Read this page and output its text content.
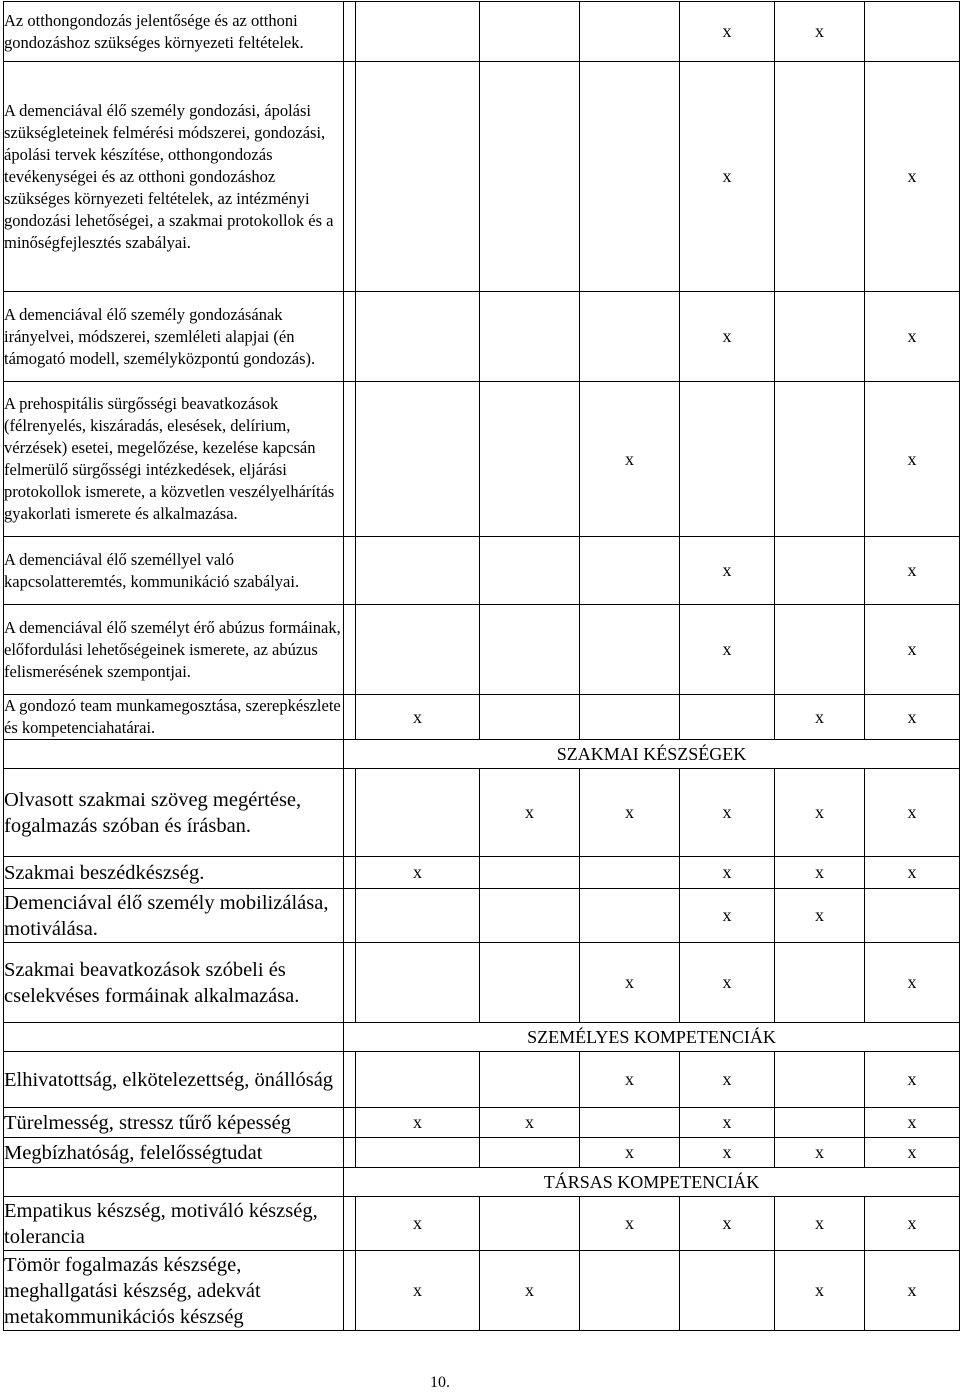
Az otthongondozás jelentősége és az otthoni gondozáshoz szükséges környezeti feltételek.					x	x	
A demenciával élő személy gondozási, ápolási szükségleteinek felmérési módszerei, gondozási, ápolási tervek készítése, otthongondozás tevékenységei és az otthoni gondozáshoz szükséges környezeti feltételek, az intézményi gondozási lehetőségei, a szakmai protokollok és a minőségfejlesztés szabályai.					x		x
A demenciával élő személy gondozásának irányelvei, módszerei, szemléleti alapjai (én támogató modell, személyközpontú gondozás).					x		x
A prehospitális sürgősségi beavatkozások (félrenyelés, kiszáradás, elesések, delírium, vérzések) esetei, megelőzése, kezelése kapcsán felmerülő sürgősségi intézkedések, eljárási protokollok ismerete, a közvetlen veszélyelhárítás gyakorlati ismerete és alkalmazása.				x			x
A demenciával élő személlyel való kapcsolatteremtés, kommunikáció szabályai.					x		x
A demenciával élő személyt érő abúzus formáinak, előfordulási lehetőségeinek ismerete, az abúzus felismerésének szempontjai.					x		x
A gondozó team munkamegosztása, szerepkészlete és kompetenciahatárai.		x				x	x
	SZAKMAI KÉSZSÉGEK						
Olvasott szakmai szöveg megértése, fogalmazás szóban és írásban.			x	x	x	x	x
Szakmai beszédkészség.		x			x	x	x
Demenciával élő személy mobilizálása, motiválása.					x	x	
Szakmai beavatkozások szóbeli és cselekvéses formáinak alkalmazása.				x	x		x
	SZEMÉLYES KOMPETENCIÁK						
Elhivatottság, elkötelezettség, önállóság				x	x		x
Türelmesség, stressz tűrő képesség		x	x		x		x
Megbízhatóság, felelősségtudat				x	x	x	x
	TÁRSAS KOMPETENCIÁK						
Empatikus készség, motiváló készség, tolerancia		x		x	x	x	x
Tömör fogalmazás készsége, meghallgatási készség, adekvát metakommunikációs készség		x	x			x	x
10.
